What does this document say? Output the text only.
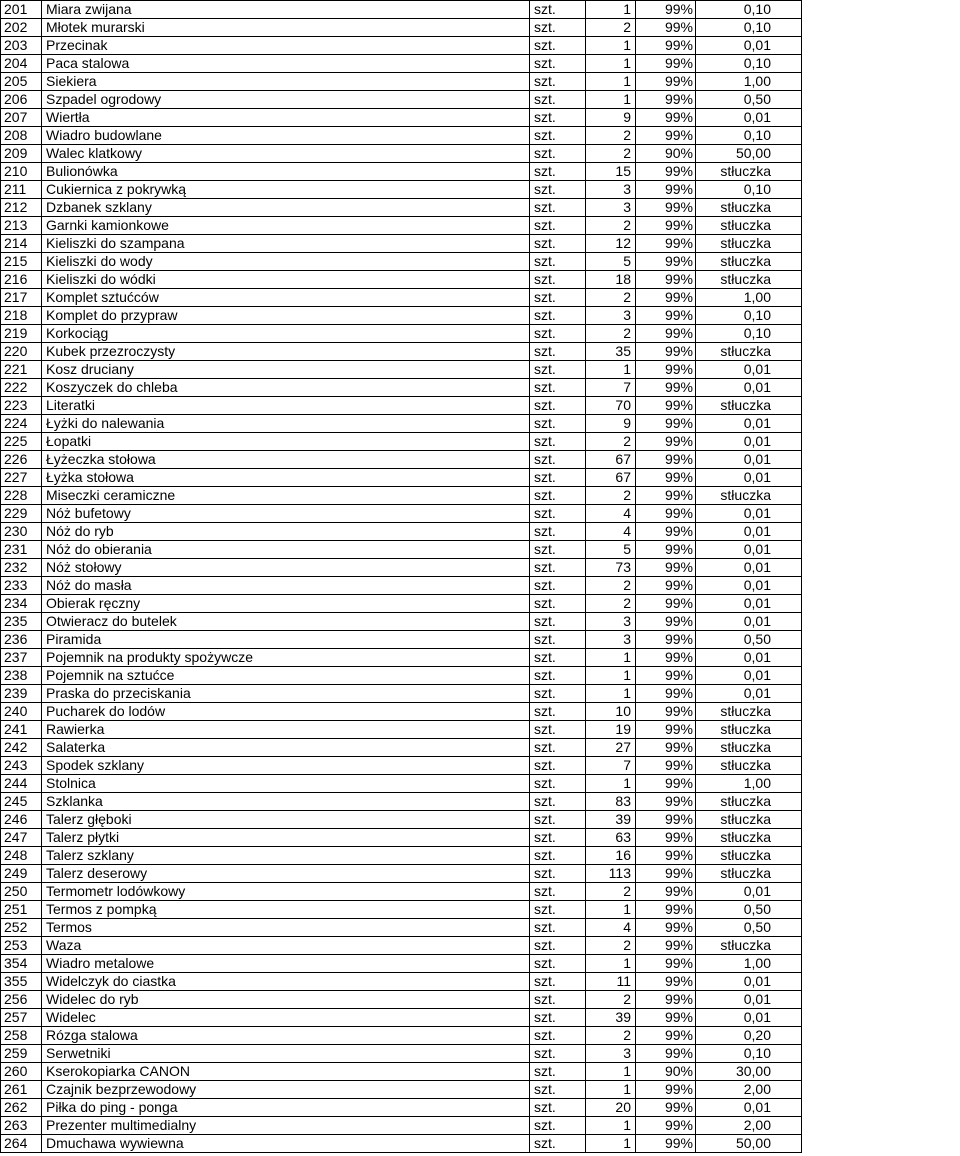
201	Miara zwijana	szt.	1	99%	0,10
202	Młotek murarski	szt.	2	99%	0,10
203	Przecinak	szt.	1	99%	0,01
204	Paca stalowa	szt.	1	99%	0,10
205	Siekiera	szt.	1	99%	1,00
206	Szpadel ogrodowy	szt.	1	99%	0,50
207	Wiertła	szt.	9	99%	0,01
208	Wiadro budowlane	szt.	2	99%	0,10
209	Walec klatkowy	szt.	2	90%	50,00
210	Bulionówka	szt.	15	99%	stłuczka
211	Cukiernica z pokrywką	szt.	3	99%	0,10
212	Dzbanek szklany	szt.	3	99%	stłuczka
213	Garnki kamionkowe	szt.	2	99%	stłuczka
214	Kieliszki do szampana	szt.	12	99%	stłuczka
215	Kieliszki do wody	szt.	5	99%	stłuczka
216	Kieliszki do wódki	szt.	18	99%	stłuczka
217	Komplet sztućców	szt.	2	99%	1,00
218	Komplet do przypraw	szt.	3	99%	0,10
219	Korkociąg	szt.	2	99%	0,10
220	Kubek przezroczysty	szt.	35	99%	stłuczka
221	Kosz druciany	szt.	1	99%	0,01
222	Koszyczek do chleba	szt.	7	99%	0,01
223	Literatki	szt.	70	99%	stłuczka
224	Łyżki do nalewania	szt.	9	99%	0,01
225	Łopatki	szt.	2	99%	0,01
226	Łyżeczka stołowa	szt.	67	99%	0,01
227	Łyżka stołowa	szt.	67	99%	0,01
228	Miseczki ceramiczne	szt.	2	99%	stłuczka
229	Nóż bufetowy	szt.	4	99%	0,01
230	Nóż do ryb	szt.	4	99%	0,01
231	Nóż do obierania	szt.	5	99%	0,01
232	Nóż stołowy	szt.	73	99%	0,01
233	Nóż do masła	szt.	2	99%	0,01
234	Obierak ręczny	szt.	2	99%	0,01
235	Otwieracz do butelek	szt.	3	99%	0,01
236	Piramida	szt.	3	99%	0,50
237	Pojemnik na produkty spożywcze	szt.	1	99%	0,01
238	Pojemnik na sztućce	szt.	1	99%	0,01
239	Praska do przeciskania	szt.	1	99%	0,01
240	Pucharek do lodów	szt.	10	99%	stłuczka
241	Rawierka	szt.	19	99%	stłuczka
242	Salaterka	szt.	27	99%	stłuczka
243	Spodek szklany	szt.	7	99%	stłuczka
244	Stolnica	szt.	1	99%	1,00
245	Szklanka	szt.	83	99%	stłuczka
246	Talerz głęboki	szt.	39	99%	stłuczka
247	Talerz płytki	szt.	63	99%	stłuczka
248	Talerz szklany	szt.	16	99%	stłuczka
249	Talerz deserowy	szt.	113	99%	stłuczka
250	Termometr lodówkowy	szt.	2	99%	0,01
251	Termos z pompką	szt.	1	99%	0,50
252	Termos	szt.	4	99%	0,50
253	Waza	szt.	2	99%	stłuczka
354	Wiadro metalowe	szt.	1	99%	1,00
355	Widelczyk do ciastka	szt.	11	99%	0,01
256	Widelec do ryb	szt.	2	99%	0,01
257	Widelec	szt.	39	99%	0,01
258	Rózga stalowa	szt.	2	99%	0,20
259	Serwetniki	szt.	3	99%	0,10
260	Kserokopiarka CANON	szt.	1	90%	30,00
261	Czajnik bezprzewodowy	szt.	1	99%	2,00
262	Piłka do ping - ponga	szt.	20	99%	0,01
263	Prezenter multimedialny	szt.	1	99%	2,00
264	Dmuchawa wywiewna	szt.	1	99%	50,00
